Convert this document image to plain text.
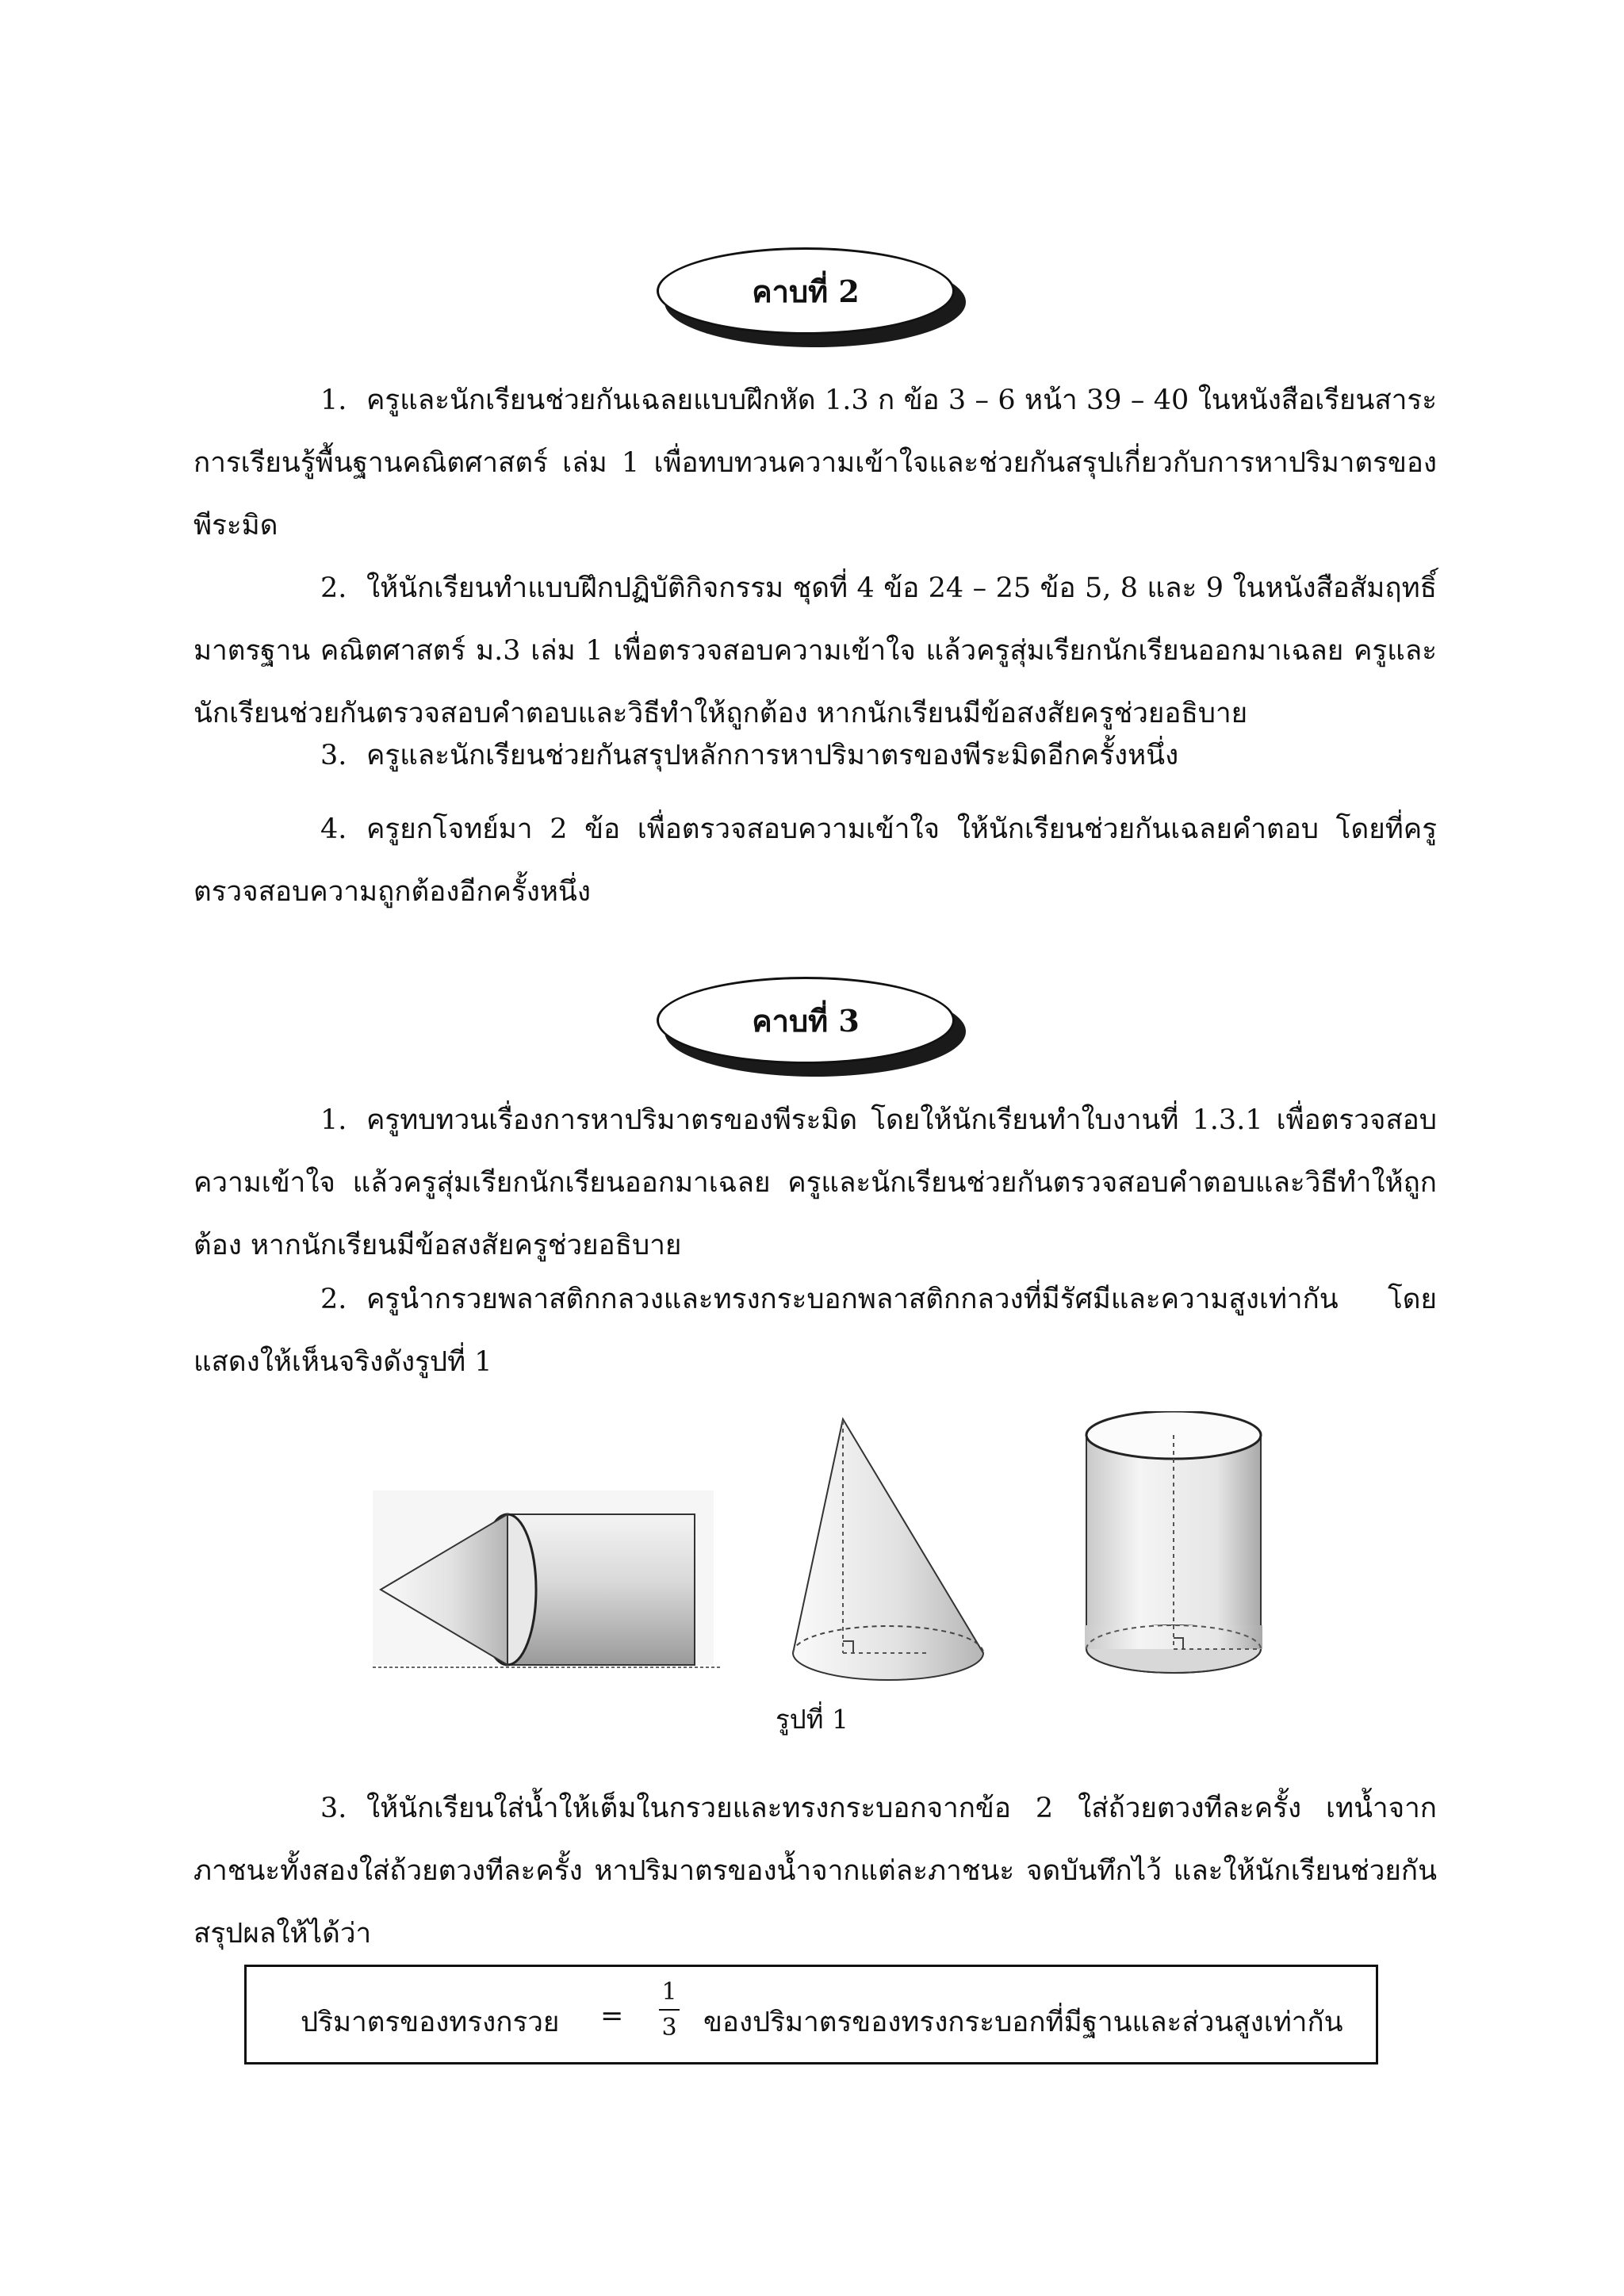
คาบที่ 2

1. ครูและนักเรียนช่วยกันเฉลยแบบฝึกหัด 1.3 ก ข้อ 3 – 6 หน้า 39 – 40 ในหนังสือเรียนสาระการเรียนรู้พื้นฐานคณิตศาสตร์ เล่ม 1 เพื่อทบทวนความเข้าใจและช่วยกันสรุปเกี่ยวกับการหาปริมาตรของพีระมิด

2. ให้นักเรียนทำแบบฝึกปฏิบัติกิจกรรม ชุดที่ 4 ข้อ 24 – 25 ข้อ 5, 8 และ 9 ในหนังสือสัมฤทธิ์มาตรฐาน คณิตศาสตร์ ม.3 เล่ม 1 เพื่อตรวจสอบความเข้าใจ แล้วครูสุ่มเรียกนักเรียนออกมาเฉลย ครูและนักเรียนช่วยกันตรวจสอบคำตอบและวิธีทำให้ถูกต้อง หากนักเรียนมีข้อสงสัยครูช่วยอธิบาย

3. ครูและนักเรียนช่วยกันสรุปหลักการหาปริมาตรของพีระมิดอีกครั้งหนึ่ง

4. ครูยกโจทย์มา 2 ข้อ เพื่อตรวจสอบความเข้าใจ ให้นักเรียนช่วยกันเฉลยคำตอบ โดยที่ครูตรวจสอบความถูกต้องอีกครั้งหนึ่ง

คาบที่ 3

1. ครูทบทวนเรื่องการหาปริมาตรของพีระมิด โดยให้นักเรียนทำใบงานที่ 1.3.1 เพื่อตรวจสอบความเข้าใจ แล้วครูสุ่มเรียกนักเรียนออกมาเฉลย ครูและนักเรียนช่วยกันตรวจสอบคำตอบและวิธีทำให้ถูกต้อง หากนักเรียนมีข้อสงสัยครูช่วยอธิบาย

2. ครูนำกรวยพลาสติกกลวงและทรงกระบอกพลาสติกกลวงที่มีรัศมีและความสูงเท่ากัน โดยแสดงให้เห็นจริงดังรูปที่ 1

รูปที่ 1

3. ให้นักเรียนใส่น้ำให้เต็มในกรวยและทรงกระบอกจากข้อ 2 ใส่ถ้วยตวงทีละครั้ง เทน้ำจากภาชนะทั้งสองใส่ถ้วยตวงทีละครั้ง หาปริมาตรของน้ำจากแต่ละภาชนะ จดบันทึกไว้ และให้นักเรียนช่วยกันสรุปผลให้ได้ว่า

ปริมาตรของทรงกรวย = $\frac{1}{3}$ ของปริมาตรของทรงกระบอกที่มีฐานและส่วนสูงเท่ากัน
